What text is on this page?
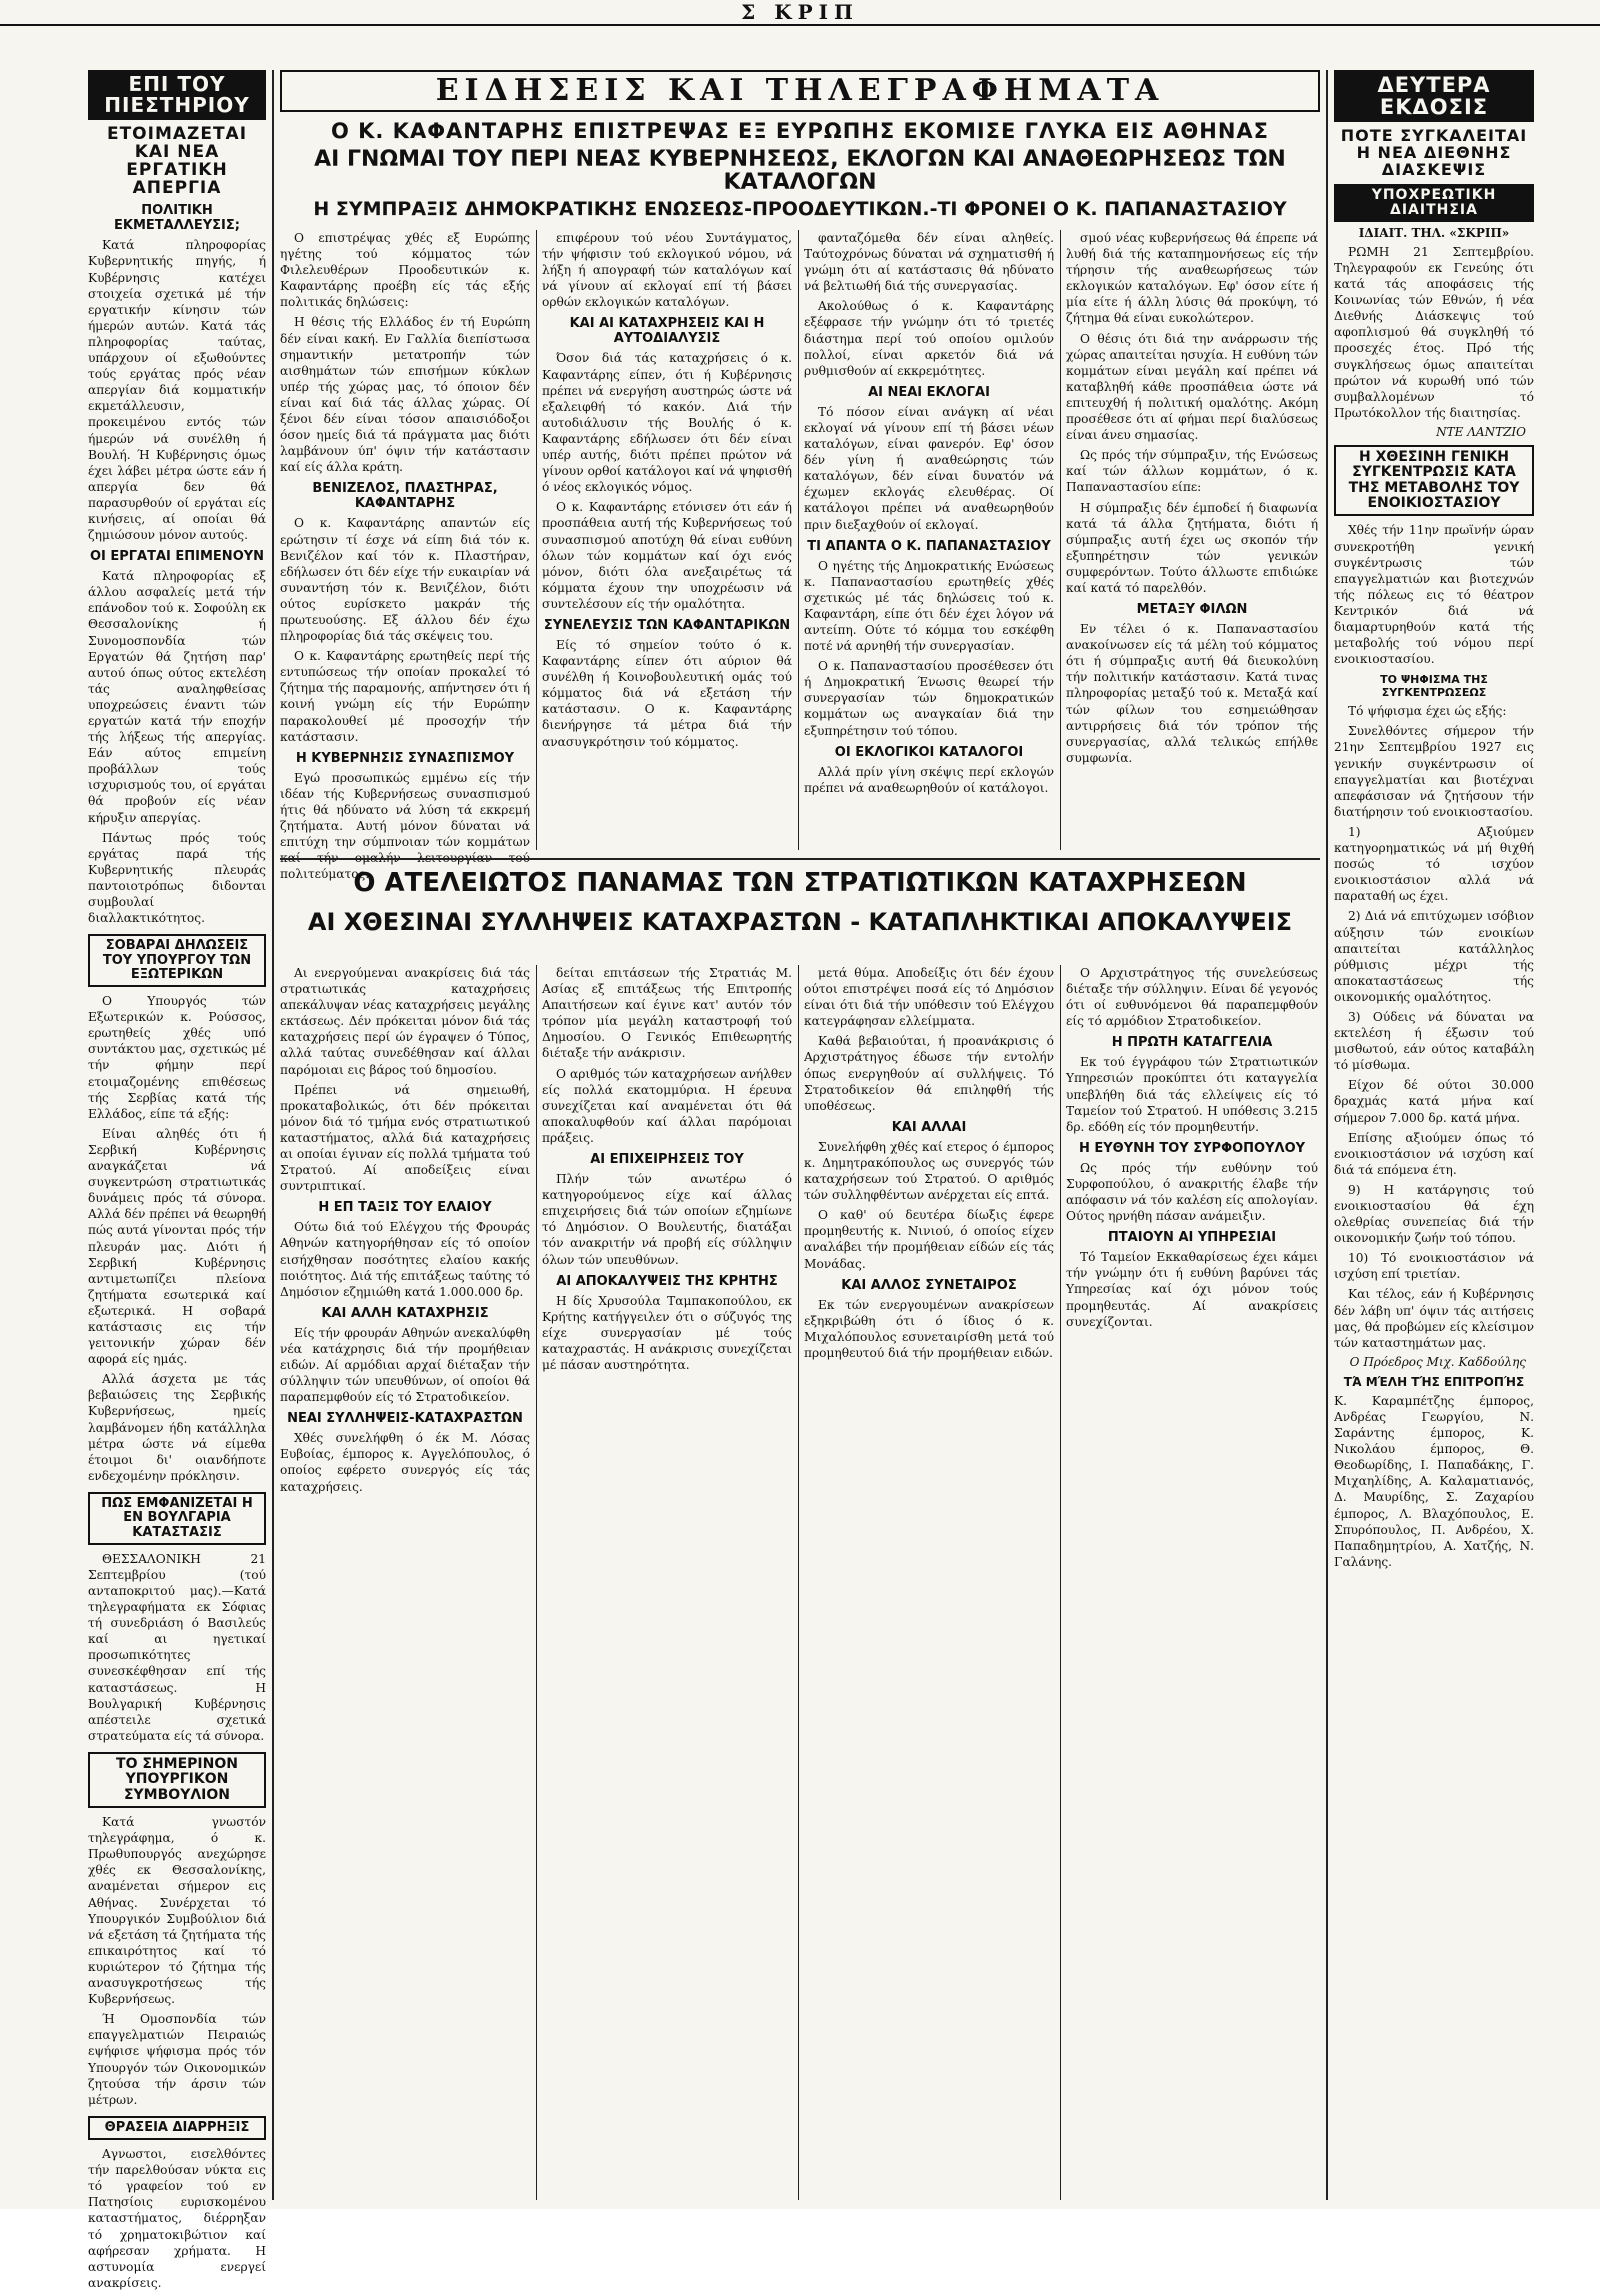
Σ ΚΡΙΠ
ΕΠΙ ΤΟΥ ΠΙΕΣΤΗΡΙΟΥ
ΕΤΟΙΜΑΖΕΤΑΙ ΚΑΙ ΝΕΑ ΕΡΓΑΤΙΚΗ ΑΠΕΡΓΙΑ
ΠΟΛΙΤΙΚΗ ΕΚΜΕΤΑΛΛΕΥΣΙΣ;

Κατά πληροφορίας Κυβερνητικής πηγής, ή Κυβέρνησις κατέχει στοιχεία σχετικά μέ τήν εργατικήν κίνησιν τών ήμερών αυτών. Κατά τάς πληροφορίας ταύτας, υπάρχουν οί εξωθούντες τούς εργάτας πρός νέαν απεργίαν διά κομματικήν εκμετάλλευσιν, προκειμένου εντός τών ήμερών νά συνέλθη ή Βουλή. Ή Κυβέρνησις όμως έχει λάβει μέτρα ώστε εάν ή απεργία δεν θά παρασυρθούν οί εργάται είς κινήσεις, αί οποίαι θά ζημιώσουν μόνον αυτούς.

ΟΙ ΕΡΓΑΤΑΙ ΕΠΙΜΕΝΟΥΝ

Κατά πληροφορίας εξ άλλου ασφαλείς μετά τήν επάνοδον τού κ. Σοφούλη εκ Θεσσαλονίκης ή Συνομοσπονδία τών Εργατών θά ζητήση παρ' αυτού όπως ούτος εκτελέση τάς αναληφθείσας υποχρεώσεις έναντι τών εργατών κατά τήν εποχήν τής λήξεως τής απεργίας. Εάν αύτος επιμείνη προβάλλων τούς ισχυρισμούς του, οί εργάται θά προβούν είς νέαν κήρυξιν απεργίας.

Πάντως πρός τούς εργάτας παρά τής Κυβερνητικής πλευράς παντοιοτρόπως διδονται συμβουλαί διαλλακτικότητος.

ΣΟΒΑΡΑΙ ΔΗΛΩΣΕΙΣ ΤΟΥ ΥΠΟΥΡΓΟΥ ΤΩΝ ΕΞΩΤΕΡΙΚΩΝ

Ο Υπουργός τών Εξωτερικών κ. Ρούσσος, ερωτηθείς χθές υπό συντάκτου μας, σχετικώς μέ τήν φήμην περί ετοιμαζομένης επιθέσεως τής Σερβίας κατά τής Ελλάδος, είπε τά εξής:

Είναι αληθές ότι ή Σερβική Κυβέρνησις αναγκάζεται νά συγκεντρώση στρατιωτικάς δυνάμεις πρός τά σύνορα. Αλλά δέν πρέπει νά θεωρηθή πώς αυτά γίνονται πρός τήν πλευράν μας. Διότι ή Σερβική Κυβέρνησις αντιμετωπίζει πλείονα ζητήματα εσωτερικά καί εξωτερικά. Η σοβαρά κατάστασις εις τήν γειτονικήν χώραν δέν αφορά είς ημάς.

Αλλά άσχετα με τάς βεβαιώσεις της Σερβικής Κυβερνήσεως, ημείς λαμβάνομεν ήδη κατάλληλα μέτρα ώστε νά είμεθα έτοιμοι δι' οιανδήποτε ενδεχομένην πρόκλησιν.

ΠΩΣ ΕΜΦΑΝΙΖΕΤΑΙ Η ΕΝ ΒΟΥΛΓΑΡΙΑ ΚΑΤΑΣΤΑΣΙΣ

ΘΕΣΣΑΛΟΝΙΚΗ 21 Σεπτεμβρίου (τού ανταποκριτού μας).—Κατά τηλεγραφήματα εκ Σόφιας τή συνεδριάση ό Βασιλεύς καί αι ηγετικαί προσωπικότητες συνεσκέφθησαν επί τής καταστάσεως. Η Βουλγαρική Κυβέρνησις απέστειλε σχετικά στρατεύματα είς τά σύνορα.

ΤΟ ΣΗΜΕΡΙΝΟΝ ΥΠΟΥΡΓΙΚΟΝ ΣΥΜΒΟΥΛΙΟΝ

Κατά γνωστόν τηλεγράφημα, ό κ. Πρωθυπουργός ανεχώρησε χθές εκ Θεσσαλονίκης, αναμένεται σήμερον εις Αθήνας. Συνέρχεται τό Υπουργικόν Συμβούλιον διά νά εξετάση τά ζητήματα τής επικαιρότητος καί τό κυριώτερον τό ζήτημα τής ανασυγκροτήσεως τής Κυβερνήσεως.

Ή Ομοσπονδία τών επαγγελματιών Πειραιώς εψήφισε ψήφισμα πρός τόν Υπουργόν τών Οικονομικών ζητούσα τήν άρσιν τών μέτρων.

ΘΡΑΣΕΙΑ ΔΙΑΡΡΗΞΙΣ

Αγνωστοι, εισελθόντες τήν παρελθούσαν νύκτα εις τό γραφείον τού εν Πατησίοις ευρισκομένου καταστήματος, διέρρηξαν τό χρηματοκιβώτιον καί αφήρεσαν χρήματα. Η αστυνομία ενεργεί ανακρίσεις.

ΕΙΔΗΣΕΙΣ ΚΑΙ ΤΗΛΕΓΡΑΦΗΜΑΤΑ
Ο Κ. ΚΑΦΑΝΤΑΡΗΣ ΕΠΙΣΤΡΕΨΑΣ ΕΞ ΕΥΡΩΠΗΣ ΕΚΟΜΙΣΕ ΓΛΥΚΑ ΕΙΣ ΑΘΗΝΑΣ
ΑΙ ΓΝΩΜΑΙ ΤΟΥ ΠΕΡΙ ΝΕΑΣ ΚΥΒΕΡΝΗΣΕΩΣ, ΕΚΛΟΓΩΝ ΚΑΙ ΑΝΑΘΕΩΡΗΣΕΩΣ ΤΩΝ ΚΑΤΑΛΟΓΩΝ
Η ΣΥΜΠΡΑΞΙΣ ΔΗΜΟΚΡΑΤΙΚΗΣ ΕΝΩΣΕΩΣ-ΠΡΟΟΔΕΥΤΙΚΩΝ.-ΤΙ ΦΡΟΝΕΙ Ο Κ. ΠΑΠΑΝΑΣΤΑΣΙΟΥ

Ο επιστρέψας χθές εξ Ευρώπης ηγέτης τού κόμματος τών Φιλελευθέρων Προοδευτικών κ. Καφαντάρης προέβη είς τάς εξής πολιτικάς δηλώσεις:

Η θέσις τής Ελλάδος έν τή Ευρώπη δέν είναι κακή. Εν Γαλλία διεπίστωσα σημαντικήν μετατροπήν τών αισθημάτων τών επισήμων κύκλων υπέρ τής χώρας μας, τό όποιον δέν είναι καί διά τάς άλλας χώρας. Οί ξένοι δέν είναι τόσον απαισιόδοξοι όσον ημείς διά τά πράγματα μας διότι λαμβάνουν ύπ' όψιν τήν κατάστασιν καί είς άλλα κράτη.

ΒΕΝΙΖΕΛΟΣ, ΠΛΑΣΤΗΡΑΣ, ΚΑΦΑΝΤΑΡΗΣ

Ο κ. Καφαντάρης απαντών είς ερώτησιν τί έσχε νά είπη διά τόν κ. Βενιζέλον καί τόν κ. Πλαστήραν, εδήλωσεν ότι δέν είχε τήν ευκαιρίαν νά συναντήση τόν κ. Βενιζέλον, διότι ούτος ευρίσκετο μακράν τής πρωτευούσης. Εξ άλλου δέν έχω πληροφορίας διά τάς σκέψεις του.

Ο κ. Καφαντάρης ερωτηθείς περί τής εντυπώσεως τήν οποίαν προκαλεί τό ζήτημα τής παραμονής, απήντησεν ότι ή κοινή γνώμη είς τήν Ευρώπην παρακολουθεί μέ προσοχήν τήν κατάστασιν.

Η ΚΥΒΕΡΝΗΣΙΣ ΣΥΝΑΣΠΙΣΜΟΥ

Εγώ προσωπικώς εμμένω είς τήν ιδέαν τής Κυβερνήσεως συνασπισμού ήτις θά ηδύνατο νά λύση τά εκκρεμή ζητήματα. Αυτή μόνον δύναται νά επιτύχη την σύμπνοιαν τών κομμάτων πολιτεύματος.

επιφέρουν τού νέου Συντάγματος, τήν ψήφισιν τού εκλογικού νόμου, νά λήξη ή απογραφή τών καταλόγων καί νά γίνουν αί εκλογαί επί τή βάσει ορθών εκλογικών καταλόγων.

ΚΑΙ ΑΙ ΚΑΤΑΧΡΗΣΕΙΣ ΚΑΙ Η ΑΥΤΟΔΙΑΛΥΣΙΣ

Όσον διά τάς καταχρήσεις ό κ. Καφαντάρης είπεν, ότι ή Κυβέρνησις πρέπει νά ενεργήση αυστηρώς ώστε νά εξαλειφθή τό κακόν. Διά τήν αυτοδιάλυσιν τής Βουλής ό κ. Καφαντάρης εδήλωσεν ότι δέν είναι υπέρ αυτής, διότι πρέπει πρώτον νά γίνουν ορθοί κατάλογοι καί νά ψηφισθή ό νέος εκλογικός νόμος.

Ο κ. Καφαντάρης ετόνισεν ότι εάν ή προσπάθεια αυτή τής Κυβερνήσεως τού συνασπισμού αποτύχη θά είναι ευθύνη όλων τών κομμάτων καί όχι ενός μόνον, διότι όλα ανεξαιρέτως τά κόμματα έχουν την υποχρέωσιν νά συντελέσουν είς τήν ομαλότητα.

ΣΥΝΕΛΕΥΣΙΣ ΤΩΝ ΚΑΦΑΝΤΑΡΙΚΩΝ

Είς τό σημείον τούτο ό κ. Καφαντάρης είπεν ότι αύριον θά συνέλθη ή Κοινοβουλευτική ομάς τού κόμματος διά νά εξετάση τήν κατάστασιν. Ο κ. Καφαντάρης διενήργησε τά μέτρα διά τήν ανασυγκρότησιν τού κόμματος.

φανταζόμεθα δέν είναι αληθείς. Ταύτοχρόνως δύναται νά σχηματισθή ή γνώμη ότι αί κατάστασις θά ηδύνατο νά βελτιωθή διά τής συνεργασίας.

Ακολούθως ό κ. Καφαντάρης εξέφρασε τήν γνώμην ότι τό τριετές διάστημα περί τού οποίου ομιλούν πολλοί, είναι αρκετόν διά νά ρυθμισθούν αί εκκρεμότητες.

ΑΙ ΝΕΑΙ ΕΚΛΟΓΑΙ

Τό πόσον είναι ανάγκη αί νέαι εκλογαί νά γίνουν επί τή βάσει νέων καταλόγων, είναι φανερόν. Εφ' όσον δέν γίνη ή αναθεώρησις τών καταλόγων, δέν είναι δυνατόν νά έχωμεν εκλογάς ελευθέρας. Οί κατάλογοι πρέπει νά αναθεωρηθούν πριν διεξαχθούν οί εκλογαί.

ΤΙ ΑΠΑΝΤΑ Ο Κ. ΠΑΠΑΝΑΣΤΑΣΙΟΥ

Ο ηγέτης τής Δημοκρατικής Ενώσεως κ. Παπαναστασίου ερωτηθείς χθές σχετικώς μέ τάς δηλώσεις τού κ. Καφαντάρη, είπε ότι δέν έχει λόγον νά αντείπη. Ούτε τό κόμμα του εσκέφθη ποτέ νά αρνηθή τήν συνεργασίαν.

Ο κ. Παπαναστασίου προσέθεσεν ότι ή Δημοκρατική Ένωσις θεωρεί τήν συνεργασίαν τών δημοκρατικών κομμάτων ως αναγκαίαν διά την εξυπηρέτησιν τού τόπου.

ΟΙ ΕΚΛΟΓΙΚΟΙ ΚΑΤΑΛΟΓΟΙ

Αλλά πρίν γίνη σκέψις περί εκλογών πρέπει νά αναθεωρηθούν οί κατάλογοι.

σμού νέας κυβερνήσεως θά έπρεπε νά λυθή διά τής καταπημονήσεως είς τήν τήρησιν τής αναθεωρήσεως τών εκλογικών καταλόγων. Εφ' όσον είτε ή μία είτε ή άλλη λύσις θά προκύψη, τό ζήτημα θά είναι ευκολώτερον.

Ο θέσις ότι διά την ανάρρωσιν τής χώρας απαιτείται ησυχία. Η ευθύνη τών κομμάτων είναι μεγάλη καί πρέπει νά καταβληθή κάθε προσπάθεια ώστε νά επιτευχθή ή πολιτική ομαλότης. Ακόμη προσέθεσε ότι αί φήμαι περί διαλύσεως είναι άνευ σημασίας.

Ως πρός τήν σύμπραξιν, τής Ενώσεως καί τών άλλων κομμάτων, ό κ. Παπαναστασίου είπε:

Η σύμπραξις δέν έμποδεί ή διαφωνία κατά τά άλλα ζητήματα, διότι ή σύμπραξις αυτή έχει ως σκοπόν τήν εξυπηρέτησιν τών γενικών συμφερόντων. Τούτο άλλωστε επιδιώκε καί κατά τό παρελθόν.

ΜΕΤΑΞΥ ΦΙΛΩΝ

Εν τέλει ό κ. Παπαναστασίου ανακοίνωσεν είς τά μέλη τού κόμματος ότι ή σύμπραξις αυτή θά διευκολύνη τήν πολιτικήν κατάστασιν. Κατά τινας πληροφορίας μεταξύ τού κ. Μεταξά καί τών φίλων του εσημειώθησαν αντιρρήσεις διά τόν τρόπον τής συνεργασίας, αλλά τελικώς επήλθε συμφωνία.

Ο ΑΤΕΛΕΙΩΤΟΣ ΠΑΝΑΜΑΣ ΤΩΝ ΣΤΡΑΤΙΩΤΙΚΩΝ ΚΑΤΑΧΡΗΣΕΩΝ
ΑΙ ΧΘΕΣΙΝΑΙ ΣΥΛΛΗΨΕΙΣ ΚΑΤΑΧΡΑΣΤΩΝ - ΚΑΤΑΠΛΗΚΤΙΚΑΙ ΑΠΟΚΑΛΥΨΕΙΣ

Αι ενεργούμεναι ανακρίσεις διά τάς στρατιωτικάς καταχρήσεις απεκάλυψαν νέας καταχρήσεις μεγάλης εκτάσεως. Δέν πρόκειται μόνον διά τάς καταχρήσεις περί ών έγραψεν ό Τύπος, αλλά ταύτας συνεδέθησαν καί άλλαι παρόμοιαι εις βάρος τού δημοσίου.

Πρέπει νά σημειωθή, προκαταβολικώς, ότι δέν πρόκειται μόνον διά τό τμήμα ενός στρατιωτικού καταστήματος, αλλά διά καταχρήσεις αι οποίαι έγιναν είς πολλά τμήματα τού Στρατού. Αί αποδείξεις είναι συντριπτικαί.

Η ΕΠ ΤΑΞΙΣ ΤΟΥ ΕΛΑΙΟΥ

Ούτω διά τού Ελέγχου τής Φρουράς Αθηνών κατηγορήθησαν είς τό οποίον εισήχθησαν ποσότητες ελαίου κακής ποιότητος. Διά τής επιτάξεως ταύτης τό Δημόσιον εζημιώθη κατά 1.000.000 δρ.

ΚΑΙ ΑΛΛΗ ΚΑΤΑΧΡΗΣΙΣ

Είς τήν φρουράν Αθηνών ανεκαλύφθη νέα κατάχρησις διά τήν προμήθειαν ειδών. Αί αρμόδιαι αρχαί διέταξαν τήν σύλληψιν τών υπευθύνων, οί οποίοι θά παραπεμφθούν είς τό Στρατοδικείον.

ΝΕΑΙ ΣΥΛΛΗΨΕΙΣ-ΚΑΤΑΧΡΑΣΤΩΝ

Χθές συνελήφθη ό έκ Μ. Λόσας Ευβοίας, έμπορος κ. Αγγελόπουλος, ό οποίος εφέρετο συνεργός είς τάς καταχρήσεις.

δείται επιτάσεων τής Στρατιάς Μ. Ασίας εξ επιτάξεως τής Επιτροπής Απαιτήσεων καί έγινε κατ' αυτόν τόν τρόπον μία μεγάλη καταστροφή τού Δημοσίου. Ο Γενικός Επιθεωρητής διέταξε τήν ανάκρισιν.

Ο αριθμός τών καταχρήσεων ανήλθεν είς πολλά εκατομμύρια. Η έρευνα συνεχίζεται καί αναμένεται ότι θά αποκαλυφθούν καί άλλαι παρόμοιαι πράξεις.

ΑΙ ΕΠΙΧΕΙΡΗΣΕΙΣ ΤΟΥ

Πλήν τών ανωτέρω ό κατηγορούμενος είχε καί άλλας επιχειρήσεις διά τών οποίων εζημίωνε τό Δημόσιον. Ο Βουλευτής, διατάξαι τόν ανακριτήν νά προβή είς σύλληψιν όλων τών υπευθύνων.

ΑΙ ΑΠΟΚΑΛΥΨΕΙΣ ΤΗΣ ΚΡΗΤΗΣ

Η δίς Χρυσούλα Ταμπακοπούλου, εκ Κρήτης κατήγγειλεν ότι ο σύζυγός της είχε συνεργασίαν μέ τούς καταχραστάς. Η ανάκρισις συνεχίζεται μέ πάσαν αυστηρότητα.

μετά θύμα. Αποδείξις ότι δέν έχουν ούτοι επιστρέψει ποσά είς τό Δημόσιον είναι ότι διά τήν υπόθεσιν τού Ελέγχου κατεγράφησαν ελλείμματα.

Καθά βεβαιούται, ή προανάκρισις ό Αρχιστράτηγος έδωσε τήν εντολήν όπως ενεργηθούν αί συλλήψεις. Τό Στρατοδικείον θά επιληφθή τής υποθέσεως.

ΚΑΙ ΑΛΛΑΙ

Συνελήφθη χθές καί ετερος ό έμπορος κ. Δημητρακόπουλος ως συνεργός τών καταχρήσεων τού Στρατού. Ο αριθμός τών συλληφθέντων ανέρχεται είς επτά.

Ο καθ' ού δευτέρα δίωξις έφερε προμηθευτής κ. Νινιού, ό οποίος είχεν αναλάβει τήν προμήθειαν είδών είς τάς Μονάδας.

ΚΑΙ ΑΛΛΟΣ ΣΥΝΕΤΑΙΡΟΣ

Εκ τών ενεργουμένων ανακρίσεων εξηκριβώθη ότι ό ίδιος ό κ. Μιχαλόπουλος εσυνεταιρίσθη μετά τού προμηθευτού διά τήν προμήθειαν ειδών.

Ο Αρχιστράτηγος τής συνελεύσεως διέταξε τήν σύλληψιν. Είναι δέ γεγονός ότι οί ευθυνόμενοι θά παραπεμφθούν είς τό αρμόδιον Στρατοδικείον.

Η ΠΡΩΤΗ ΚΑΤΑΓΓΕΛΙΑ

Εκ τού έγγράφου τών Στρατιωτικών Υπηρεσιών προκύπτει ότι καταγγελία υπεβλήθη διά τάς ελλείψεις είς τό Ταμείον τού Στρατού. Η υπόθεσις 3.215 δρ. εδόθη είς τόν προμηθευτήν.

Η ΕΥΘΥΝΗ ΤΟΥ ΣΥΡΦΟΠΟΥΛΟΥ

Ως πρός τήν ευθύνην τού Συρφοπούλου, ό ανακριτής έλαβε τήν απόφασιν νά τόν καλέση είς απολογίαν. Ούτος ηρνήθη πάσαν ανάμειξιν.

ΠΤΑΙΟΥΝ ΑΙ ΥΠΗΡΕΣΙΑΙ

Τό Ταμείον Εκκαθαρίσεως έχει κάμει τήν γνώμην ότι ή ευθύνη βαρύνει τάς Υπηρεσίας καί όχι μόνον τούς προμηθευτάς. Αί ανακρίσεις συνεχίζονται.

ΔΕΥΤΕΡΑ ΕΚΔΟΣΙΣ
ΠΟΤΕ ΣΥΓΚΑΛΕΙΤΑΙ Η ΝΕΑ ΔΙΕΘΝΗΣ ΔΙΑΣΚΕΨΙΣ
ΥΠΟΧΡΕΩΤΙΚΗ ΔΙΑΙΤΗΣΙΑ
ΙΔΙΑΙΤ. ΤΗΛ. «ΣΚΡΙΠ»

ΡΩΜΗ 21 Σεπτεμβρίου. Τηλεγραφούν εκ Γενεύης ότι κατά τάς αποφάσεις τής Κοινωνίας τών Εθνών, ή νέα Διεθνής Διάσκεψις τού αφοπλισμού θά συγκληθή τό προσεχές έτος. Πρό τής συγκλήσεως όμως απαιτείται πρώτον νά κυρωθή υπό τών συμβαλλομένων τό Πρωτόκολλον τής διαιτησίας.

ΝΤΕ ΛΑΝΤΖΙΟ
Η ΧΘΕΣΙΝΗ ΓΕΝΙΚΗ ΣΥΓΚΕΝΤΡΩΣΙΣ ΚΑΤΑ ΤΗΣ ΜΕΤΑΒΟΛΗΣ ΤΟΥ ΕΝΟΙΚΙΟΣΤΑΣΙΟΥ

Χθές τήν 11ην πρωϊνήν ώραν συνεκροτήθη γενική συγκέντρωσις τών επαγγελματιών και βιοτεχνών τής πόλεως εις τό θέατρον Κεντρικόν διά νά διαμαρτυρηθούν κατά τής μεταβολής τού νόμου περί ενοικιοστασίου.

ΤΟ ΨΗΦΙΣΜΑ ΤΗΣ ΣΥΓΚΕΝΤΡΩΣΕΩΣ

Τό ψήφισμα έχει ώς εξής:

Συνελθόντες σήμερον τήν 21ην Σεπτεμβρίου 1927 εις γενικήν συγκέντρωσιν οί επαγγελματίαι και βιοτέχναι απεφάσισαν νά ζητήσουν τήν διατήρησιν τού ενοικιοστασίου.

1) Αξιούμεν κατηγορηματικώς νά μή θιχθή ποσώς τό ισχύον ενοικιοστάσιον αλλά νά παραταθή ως έχει.

2) Διά νά επιτύχωμεν ισόβιον αύξησιν τών ενοικίων απαιτείται κατάλληλος ρύθμισις μέχρι τής αποκαταστάσεως τής οικονομικής ομαλότητος.

3) Ούδεις νά δύναται να εκτελέση ή έξωσιν τού μισθωτού, εάν ούτος καταβάλη τό μίσθωμα.

Είχον δέ ούτοι 30.000 δραχμάς κατά μήνα καί σήμερον 7.000 δρ. κατά μήνα.

Επίσης αξιούμεν όπως τό ενοικιοστάσιον νά ισχύση καί διά τά επόμενα έτη.

9) Η κατάργησις τού ενοικιοστασίου θά έχη ολεθρίας συνεπείας διά τήν οικονομικήν ζωήν τού τόπου.

10) Τό ενοικιοστάσιον νά ισχύση επί τριετίαν.

Και τέλος, εάν ή Κυβέρνησις δέν λάβη υπ' όψιν τάς αιτήσεις μας, θά προβώμεν είς κλείσιμον τών καταστημάτων μας.

Ο Πρόεδρος Μιχ. Καδδούλης
ΤΆ ΜΈΛΗ ΤΉΣ ΕΠΙΤΡΟΠΉΣ

Κ. Καραμπέτζης έμπορος, Ανδρέας Γεωργίου, Ν. Σαράντης έμπορος, Κ. Νικολάου έμπορος, Θ. Θεοδωρίδης, Ι. Παπαδάκης, Γ. Μιχαηλίδης, Α. Καλαματιανός, Δ. Μαυρίδης, Σ. Ζαχαρίου έμπορος, Λ. Βλαχόπουλος, Ε. Σπυρόπουλος, Π. Ανδρέου, Χ. Παπαδημητρίου, Α. Χατζής, Ν. Γαλάνης.
